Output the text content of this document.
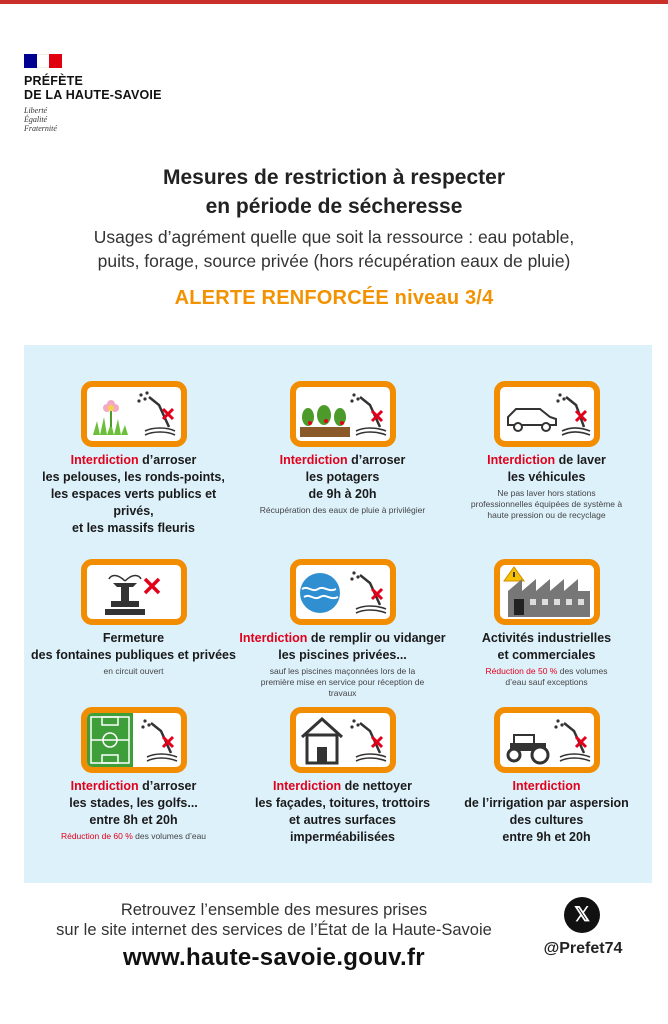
PRÉFÈTE
DE LA HAUTE-SAVOIE
Liberté
Égalité
Fraternité
Mesures de restriction à respecter
en période de sécheresse
Usages d’agrément quelle que soit la ressource : eau potable,
puits, forage, source privée (hors récupération eaux de pluie)
ALERTE RENFORCÉE niveau 3/4
Interdiction d’arroser
les pelouses, les ronds-points,
les espaces verts publics et privés,
et les massifs fleuris
Interdiction d’arroser
les potagers
de 9h à 20h
Récupération des eaux de pluie à privilégier
Interdiction de laver
les véhicules
Ne pas laver hors stations professionnelles équipées de système à haute pression ou de recyclage
Fermeture
des fontaines publiques et privées
en circuit ouvert
Interdiction de remplir ou vidanger
les piscines privées...
sauf les piscines maçonnées lors de la première mise en service pour réception de travaux
Activités industrielles
et commerciales
Réduction de 50 % des volumes d’eau sauf exceptions
Interdiction d’arroser
les stades, les golfs...
entre 8h et 20h
Réduction de 60 % des volumes d’eau
Interdiction de nettoyer
les façades, toitures, trottoirs
et autres surfaces imperméabilisées
Interdiction
de l’irrigation par aspersion
des cultures
entre 9h et 20h
Retrouvez l’ensemble des mesures prises
sur le site internet des services de l’État de la Haute-Savoie
www.haute-savoie.gouv.fr
𝕏
@Prefet74
